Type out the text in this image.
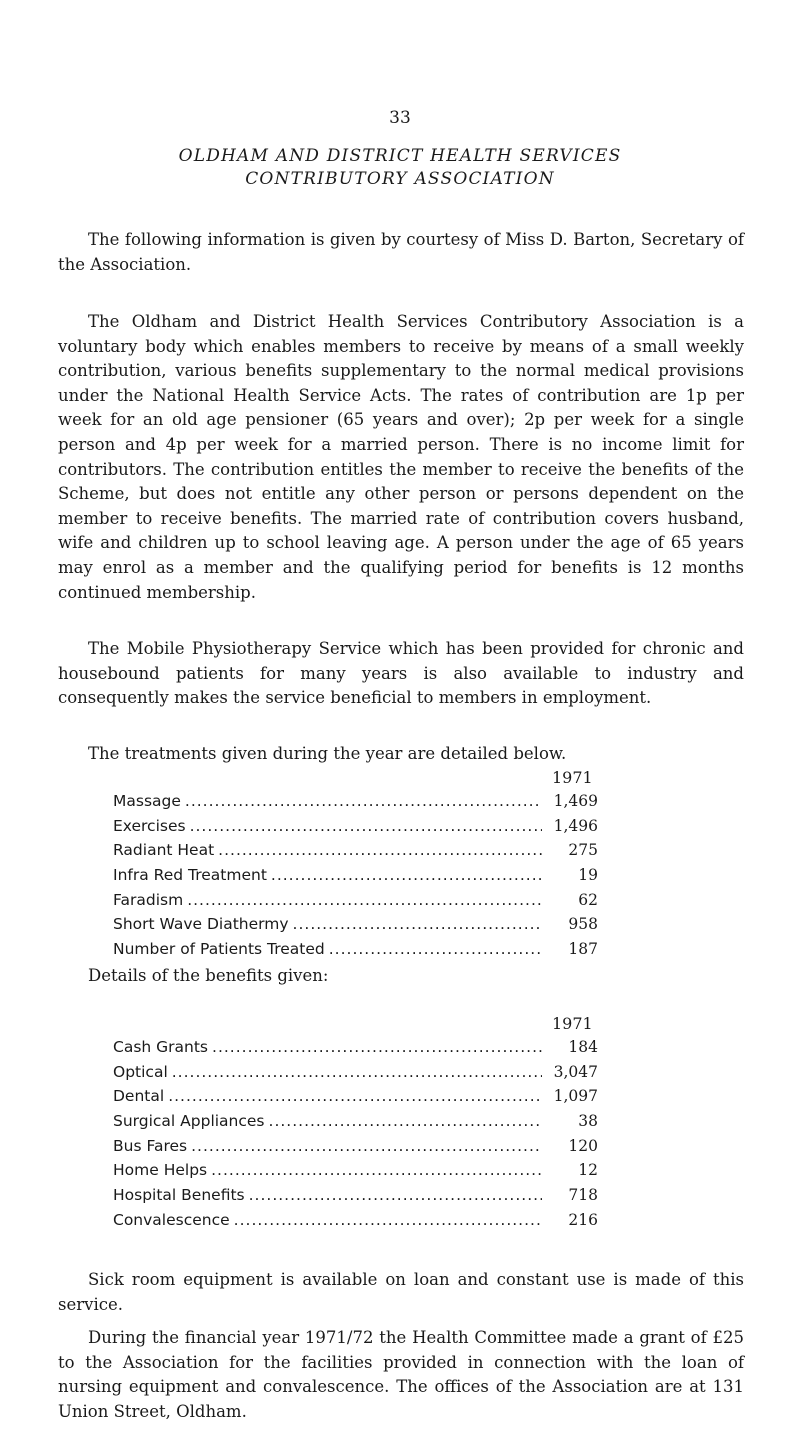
33
OLDHAM AND DISTRICT HEALTH SERVICES
CONTRIBUTORY ASSOCIATION

The following information is given by courtesy of Miss D. Barton, Secretary of the Association.

The Oldham and District Health Services Contributory Association is a voluntary body which enables members to receive by means of a small weekly contribution, various benefits supplementary to the normal medical provisions under the National Health Service Acts. The rates of contribution are 1p per week for an old age pensioner (65 years and over); 2p per week for a single person and 4p per week for a married person. There is no income limit for contributors. The contribution entitles the member to receive the benefits of the Scheme, but does not entitle any other person or persons dependent on the member to receive benefits. The married rate of contribution covers husband, wife and children up to school leaving age. A person under the age of 65 years may enrol as a member and the qualifying period for benefits is 12 months continued membership.

The Mobile Physiotherapy Service which has been provided for chronic and housebound patients for many years is also available to industry and consequently makes the service beneficial to members in employment.

The treatments given during the year are detailed below.
1971
Massage .....	1,469
Exercises .....	1,496
Radiant Heat .....	275
Infra Red Treatment .....	19
Faradism .....	62
Short Wave Diathermy .....	958
Number of Patients Treated .....	187
Details of the benefits given:
1971
Cash Grants .....	184
Optical .....	3,047
Dental .....	1,097
Surgical Appliances .....	38
Bus Fares .....	120
Home Helps .....	12
Hospital Benefits .....	718
Convalescence .....	216

Sick room equipment is available on loan and constant use is made of this service.

During the financial year 1971/72 the Health Committee made a grant of £25 to the Association for the facilities provided in connection with the loan of nursing equipment and convalescence. The offices of the Association are at 131 Union Street, Oldham.
